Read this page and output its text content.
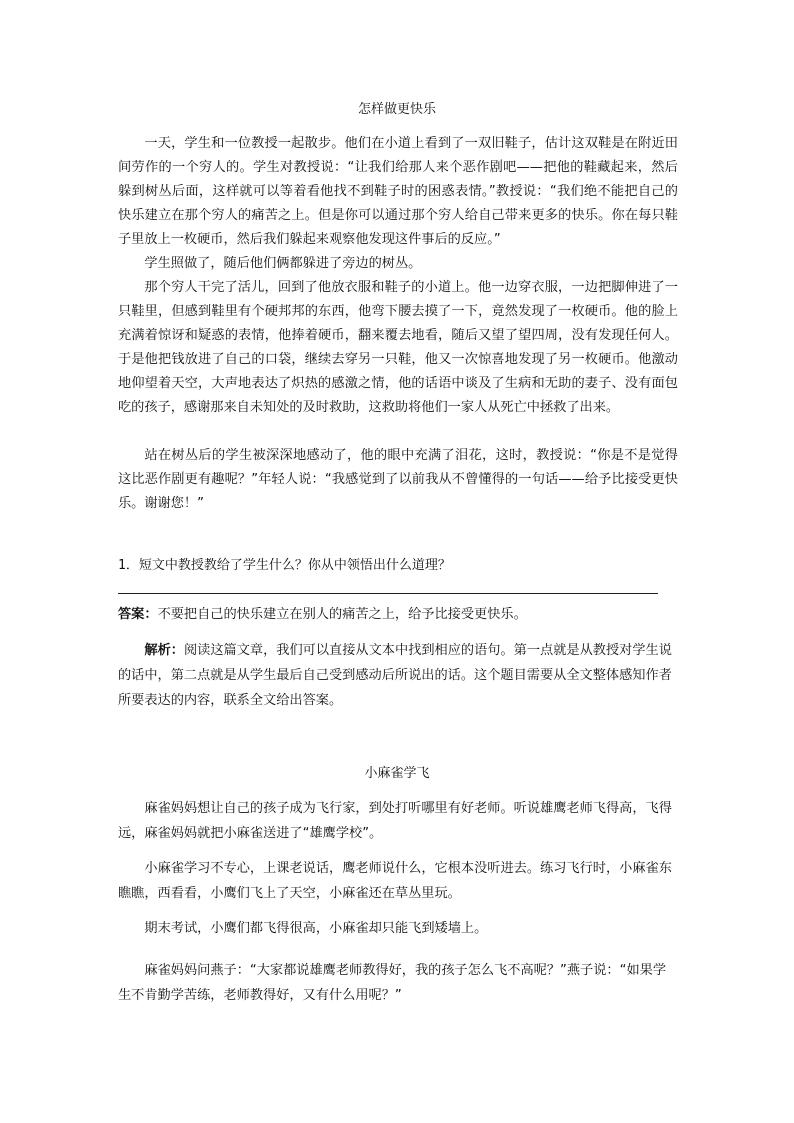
怎样做更快乐

一天，学生和一位教授一起散步。他们在小道上看到了一双旧鞋子，估计这双鞋是在附近田间劳作的一个穷人的。学生对教授说：“让我们给那人来个恶作剧吧——把他的鞋藏起来，然后躲到树丛后面，这样就可以等着看他找不到鞋子时的困惑表情。”教授说：“我们绝不能把自己的快乐建立在那个穷人的痛苦之上。但是你可以通过那个穷人给自己带来更多的快乐。你在每只鞋子里放上一枚硬币，然后我们躲起来观察他发现这件事后的反应。”

学生照做了，随后他们俩都躲进了旁边的树丛。

那个穷人干完了活儿，回到了他放衣服和鞋子的小道上。他一边穿衣服，一边把脚伸进了一只鞋里，但感到鞋里有个硬邦邦的东西，他弯下腰去摸了一下，竟然发现了一枚硬币。他的脸上充满着惊讶和疑惑的表情，他捧着硬币，翻来覆去地看，随后又望了望四周，没有发现任何人。于是他把钱放进了自己的口袋，继续去穿另一只鞋，他又一次惊喜地发现了另一枚硬币。他激动地仰望着天空，大声地表达了炽热的感激之情，他的话语中谈及了生病和无助的妻子、没有面包吃的孩子，感谢那来自未知处的及时救助，这救助将他们一家人从死亡中拯救了出来。

站在树丛后的学生被深深地感动了，他的眼中充满了泪花，这时，教授说：“你是不是觉得这比恶作剧更有趣呢？”年轻人说：“我感觉到了以前我从不曾懂得的一句话——给予比接受更快乐。谢谢您！”

1．短文中教授教给了学生什么？你从中领悟出什么道理？

答案：不要把自己的快乐建立在别人的痛苦之上，给予比接受更快乐。

解析：阅读这篇文章，我们可以直接从文本中找到相应的语句。第一点就是从教授对学生说的话中，第二点就是从学生最后自己受到感动后所说出的话。这个题目需要从全文整体感知作者所要表达的内容，联系全文给出答案。

小麻雀学飞

麻雀妈妈想让自己的孩子成为飞行家，到处打听哪里有好老师。听说雄鹰老师飞得高，飞得远，麻雀妈妈就把小麻雀送进了“雄鹰学校”。

小麻雀学习不专心，上课老说话，鹰老师说什么，它根本没听进去。练习飞行时，小麻雀东瞧瞧，西看看，小鹰们飞上了天空，小麻雀还在草丛里玩。

期末考试，小鹰们都飞得很高，小麻雀却只能飞到矮墙上。

麻雀妈妈问燕子：“大家都说雄鹰老师教得好，我的孩子怎么飞不高呢？”燕子说：“如果学生不肯勤学苦练，老师教得好，又有什么用呢？”
